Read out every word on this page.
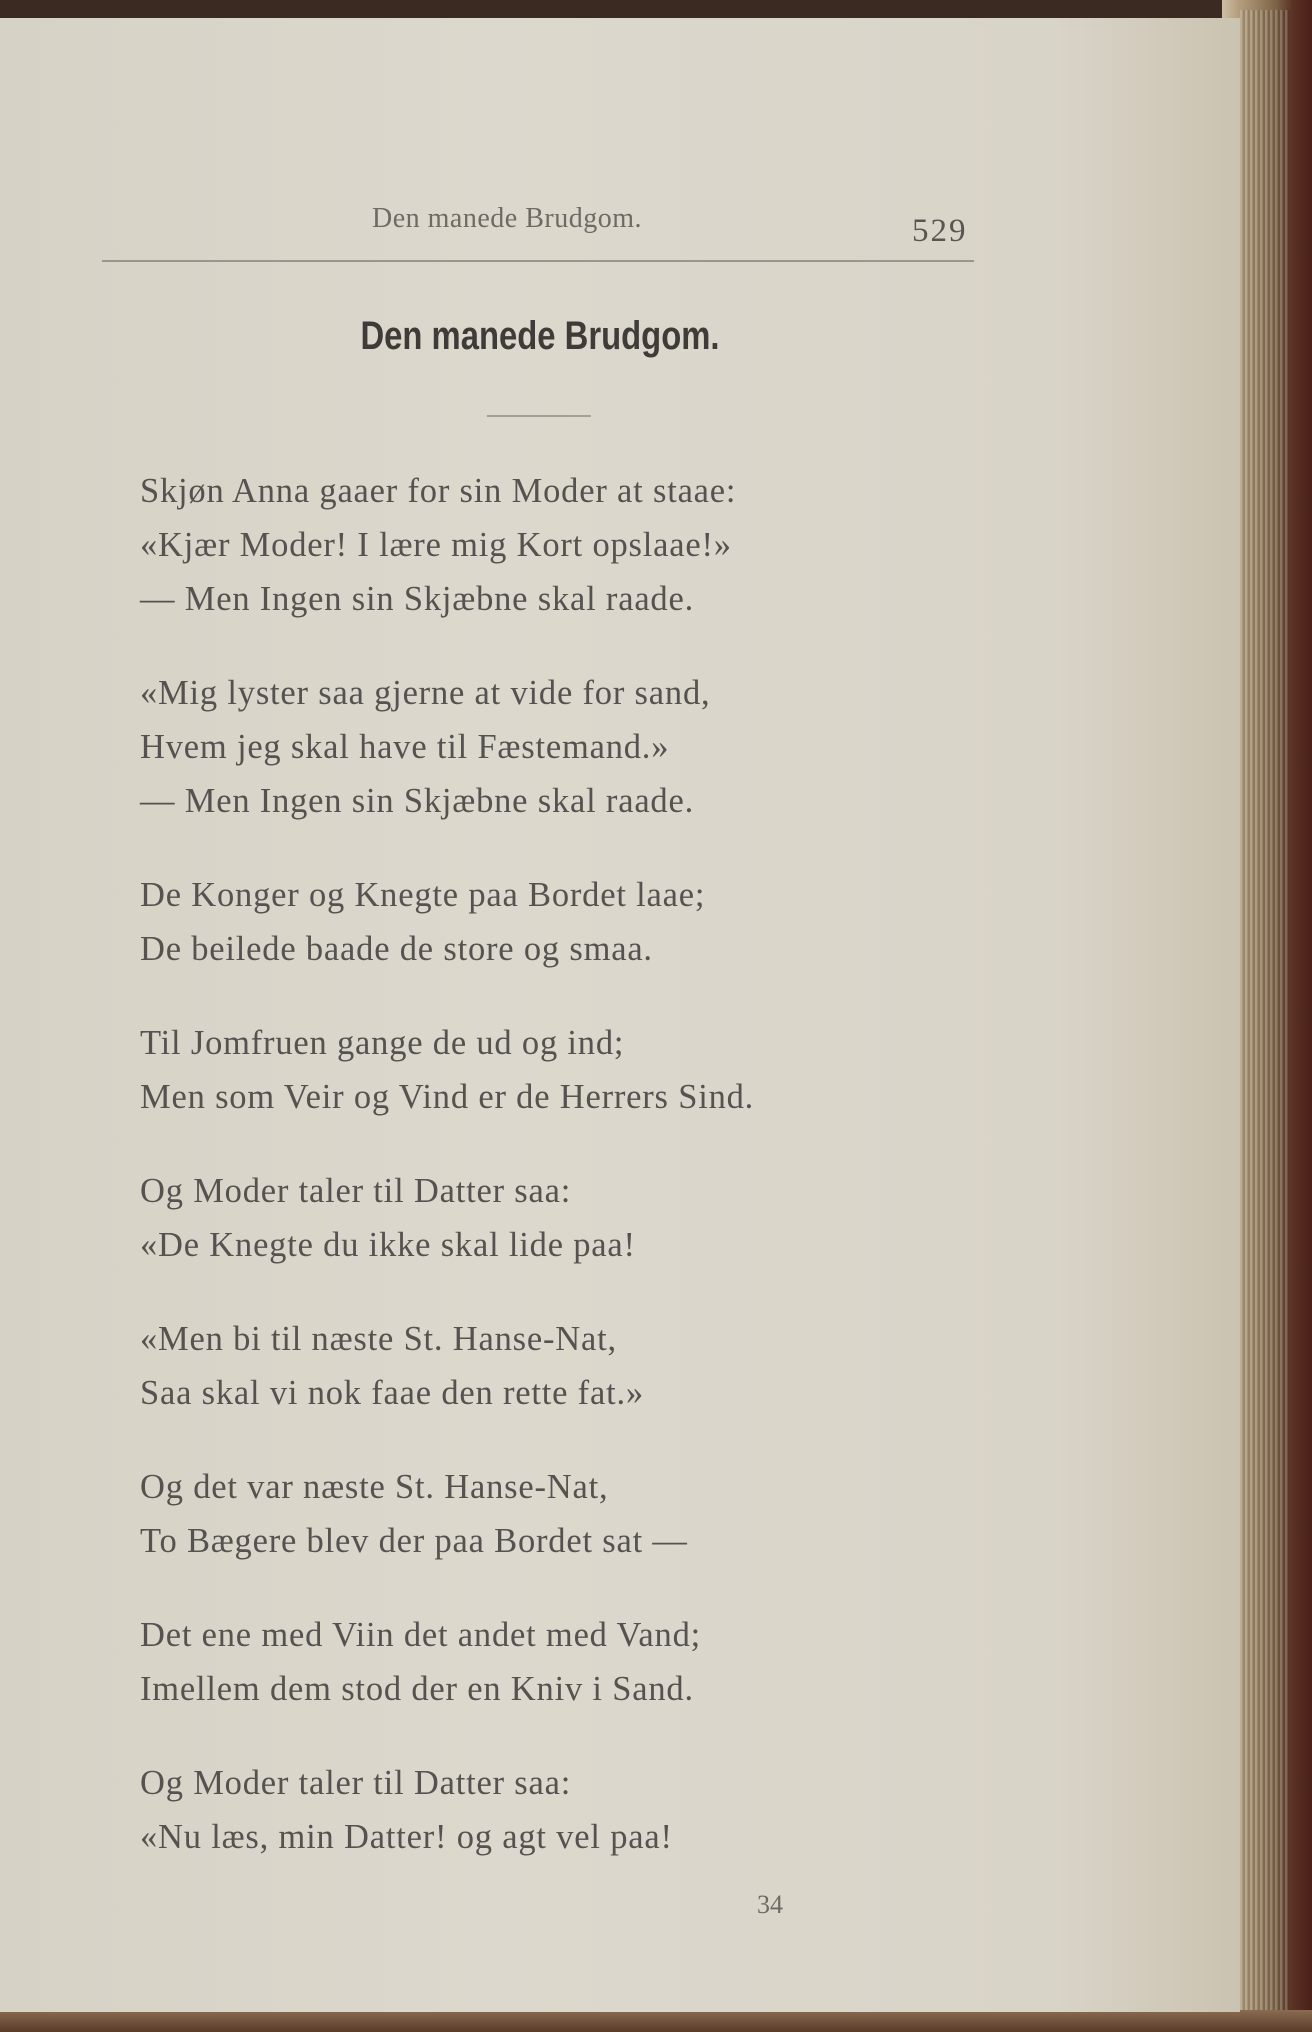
Den manede Brudgom.	529
Den manede Brudgom.
Skjøn Anna gaaer for sin Moder at staae:
«Kjær Moder! I lære mig Kort opslaae!»
— Men Ingen sin Skjæbne skal raade.
«Mig lyster saa gjerne at vide for sand,
Hvem jeg skal have til Fæstemand.»
— Men Ingen sin Skjæbne skal raade.
De Konger og Knegte paa Bordet laae;
De beilede baade de store og smaa.
Til Jomfruen gange de ud og ind;
Men som Veir og Vind er de Herrers Sind.
Og Moder taler til Datter saa:
«De Knegte du ikke skal lide paa!
«Men bi til næste St. Hanse-Nat,
Saa skal vi nok faae den rette fat.»
Og det var næste St. Hanse-Nat,
To Bægere blev der paa Bordet sat —
Det ene med Viin det andet med Vand;
Imellem dem stod der en Kniv i Sand.
Og Moder taler til Datter saa:
«Nu læs, min Datter! og agt vel paa!
34
